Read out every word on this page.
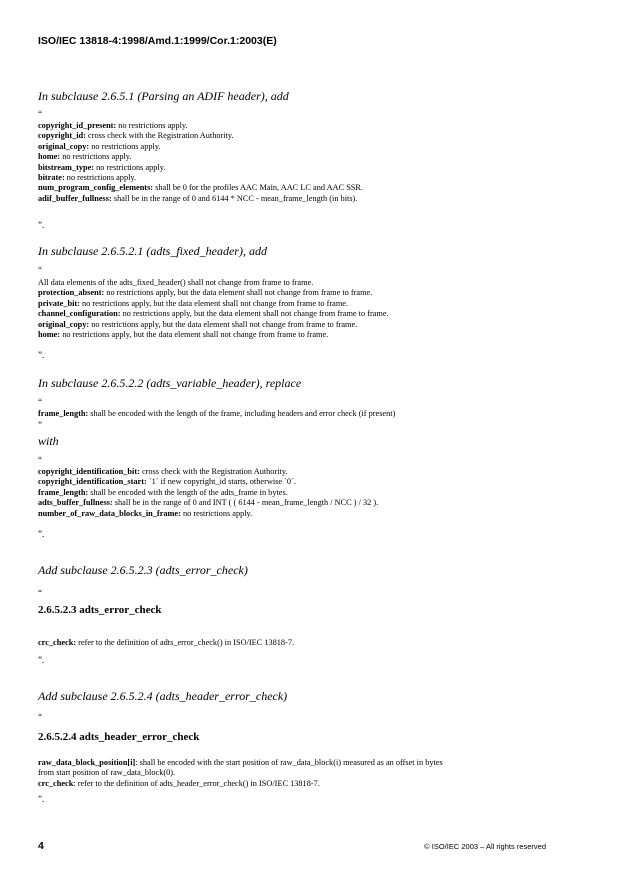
ISO/IEC 13818-4:1998/Amd.1:1999/Cor.1:2003(E)
In subclause 2.6.5.1 (Parsing an ADIF header), add
“
copyright_id_present: no restrictions apply.
copyright_id: cross check with the Registration Authority.
original_copy: no restrictions apply.
home: no restrictions apply.
bitstream_type: no restrictions apply.
bitrate: no restrictions apply.
num_program_config_elements: shall be 0 for the profiles AAC Main, AAC LC and AAC SSR.
adif_buffer_fullness: shall be in the range of 0 and 6144 * NCC - mean_frame_length (in bits).
”.
In subclause 2.6.5.2.1 (adts_fixed_header), add
“
All data elements of the adts_fixed_header() shall not change from frame to frame.
protection_absent: no restrictions apply, but the data element shall not change from frame to frame.
private_bit: no restrictions apply, but the data element shall not change from frame to frame.
channel_configuration: no restrictions apply, but the data element shall not change from frame to frame.
original_copy: no restrictions apply, but the data element shall not change from frame to frame.
home: no restrictions apply, but the data element shall not change from frame to frame.
”.
In subclause 2.6.5.2.2 (adts_variable_header), replace
“
frame_length: shall be encoded with the length of the frame, including headers and error check (if present)
”
with
“
copyright_identification_bit: cross check with the Registration Authority.
copyright_identification_start: `1´ if new copyright_id starts, otherwise `0´.
frame_length: shall be encoded with the length of the adts_frame in bytes.
adts_buffer_fullness: shall be in the range of 0 and INT ( ( 6144 - mean_frame_length / NCC ) / 32 ).
number_of_raw_data_blocks_in_frame: no restrictions apply.
”.
Add subclause 2.6.5.2.3 (adts_error_check)
“
2.6.5.2.3 adts_error_check
crc_check: refer to the definition of adts_error_check() in ISO/IEC 13818-7.
”.
Add subclause 2.6.5.2.4 (adts_header_error_check)
“
2.6.5.2.4 adts_header_error_check
raw_data_block_position[i]: shall be encoded with the start position of raw_data_block(i) measured as an offset in bytes
from start position of raw_data_block(0).
crc_check: refer to the definition of adts_header_error_check() in ISO/IEC 13818-7.
”.
4	© ISO/IEC 2003 – All rights reserved
